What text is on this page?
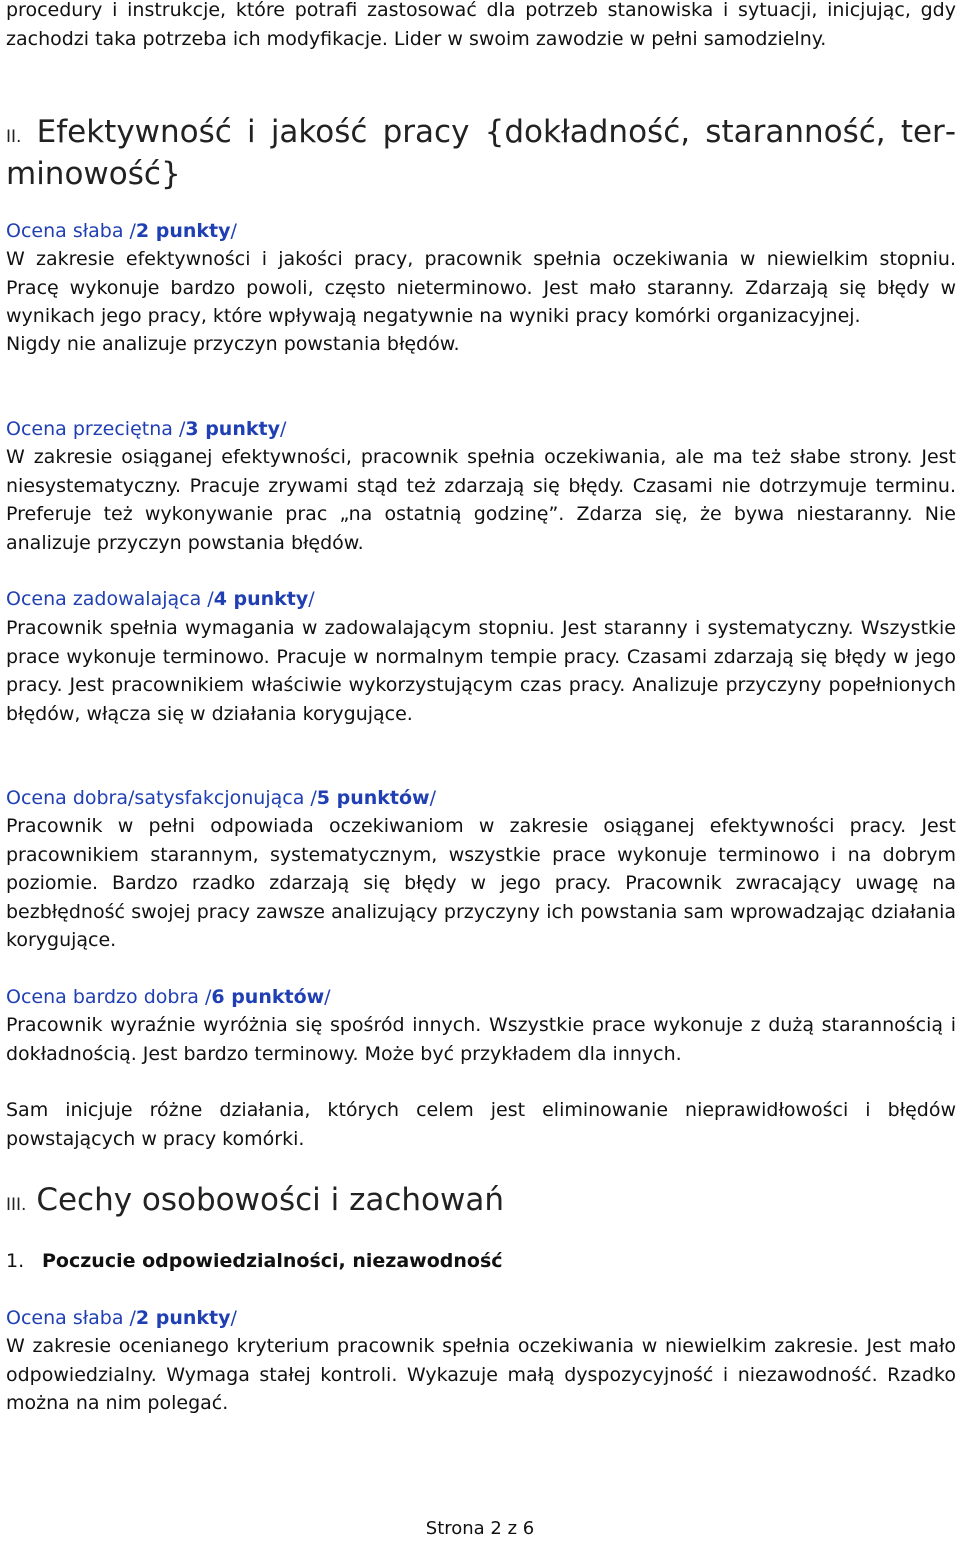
procedury i instrukcje, które potrafi zastosować dla potrzeb stanowiska i sytuacji, inicjując, gdy zachodzi taka potrzeba ich modyfikacje. Lider w swoim zawodzie w pełni samodzielny.

II. Efektywność i jakość pracy {dokładność, staranność, terminowość}
Ocena słaba /2 punkty/

W zakresie efektywności i jakości pracy, pracownik spełnia oczekiwania w niewielkim stopniu. Pracę wykonuje bardzo powoli, często nieterminowo. Jest mało staranny. Zdarzają się błędy w wynikach jego pracy, które wpływają negatywnie na wyniki pracy komórki organizacyjnej.

Nigdy nie analizuje przyczyn powstania błędów.

Ocena przeciętna /3 punkty/

W zakresie osiąganej efektywności, pracownik spełnia oczekiwania, ale ma też słabe strony. Jest niesystematyczny. Pracuje zrywami stąd też zdarzają się błędy. Czasami nie dotrzymuje terminu. Preferuje też wykonywanie prac „na ostatnią godzinę”. Zdarza się, że bywa niestaranny. Nie analizuje przyczyn powstania błędów.

Ocena zadowalająca /4 punkty/

Pracownik spełnia wymagania w zadowalającym stopniu. Jest staranny i systematyczny. Wszystkie prace wykonuje terminowo. Pracuje w normalnym tempie pracy. Czasami zdarzają się błędy w jego pracy. Jest pracownikiem właściwie wykorzystującym czas pracy. Analizuje przyczyny popełnionych błędów, włącza się w działania korygujące.

Ocena dobra/satysfakcjonująca /5 punktów/

Pracownik w pełni odpowiada oczekiwaniom w zakresie osiąganej efektywności pracy. Jest pracownikiem starannym, systematycznym, wszystkie prace wykonuje terminowo i na dobrym poziomie. Bardzo rzadko zdarzają się błędy w jego pracy. Pracownik zwracający uwagę na bezbłędność swojej pracy zawsze analizujący przyczyny ich powstania sam wprowadzając działania korygujące.

Ocena bardzo dobra /6 punktów/

Pracownik wyraźnie wyróżnia się spośród innych. Wszystkie prace wykonuje z dużą starannością i dokładnością. Jest bardzo terminowy. Może być przykładem dla innych.

Sam inicjuje różne działania, których celem jest eliminowanie nieprawidłowości i błędów powstających w pracy komórki.

III. Cechy osobowości i zachowań
1. Poczucie odpowiedzialności, niezawodność
Ocena słaba /2 punkty/

W zakresie ocenianego kryterium pracownik spełnia oczekiwania w niewielkim zakresie. Jest mało odpowiedzialny. Wymaga stałej kontroli. Wykazuje małą dyspozycyjność i niezawodność. Rzadko można na nim polegać.

Strona 2 z 6
